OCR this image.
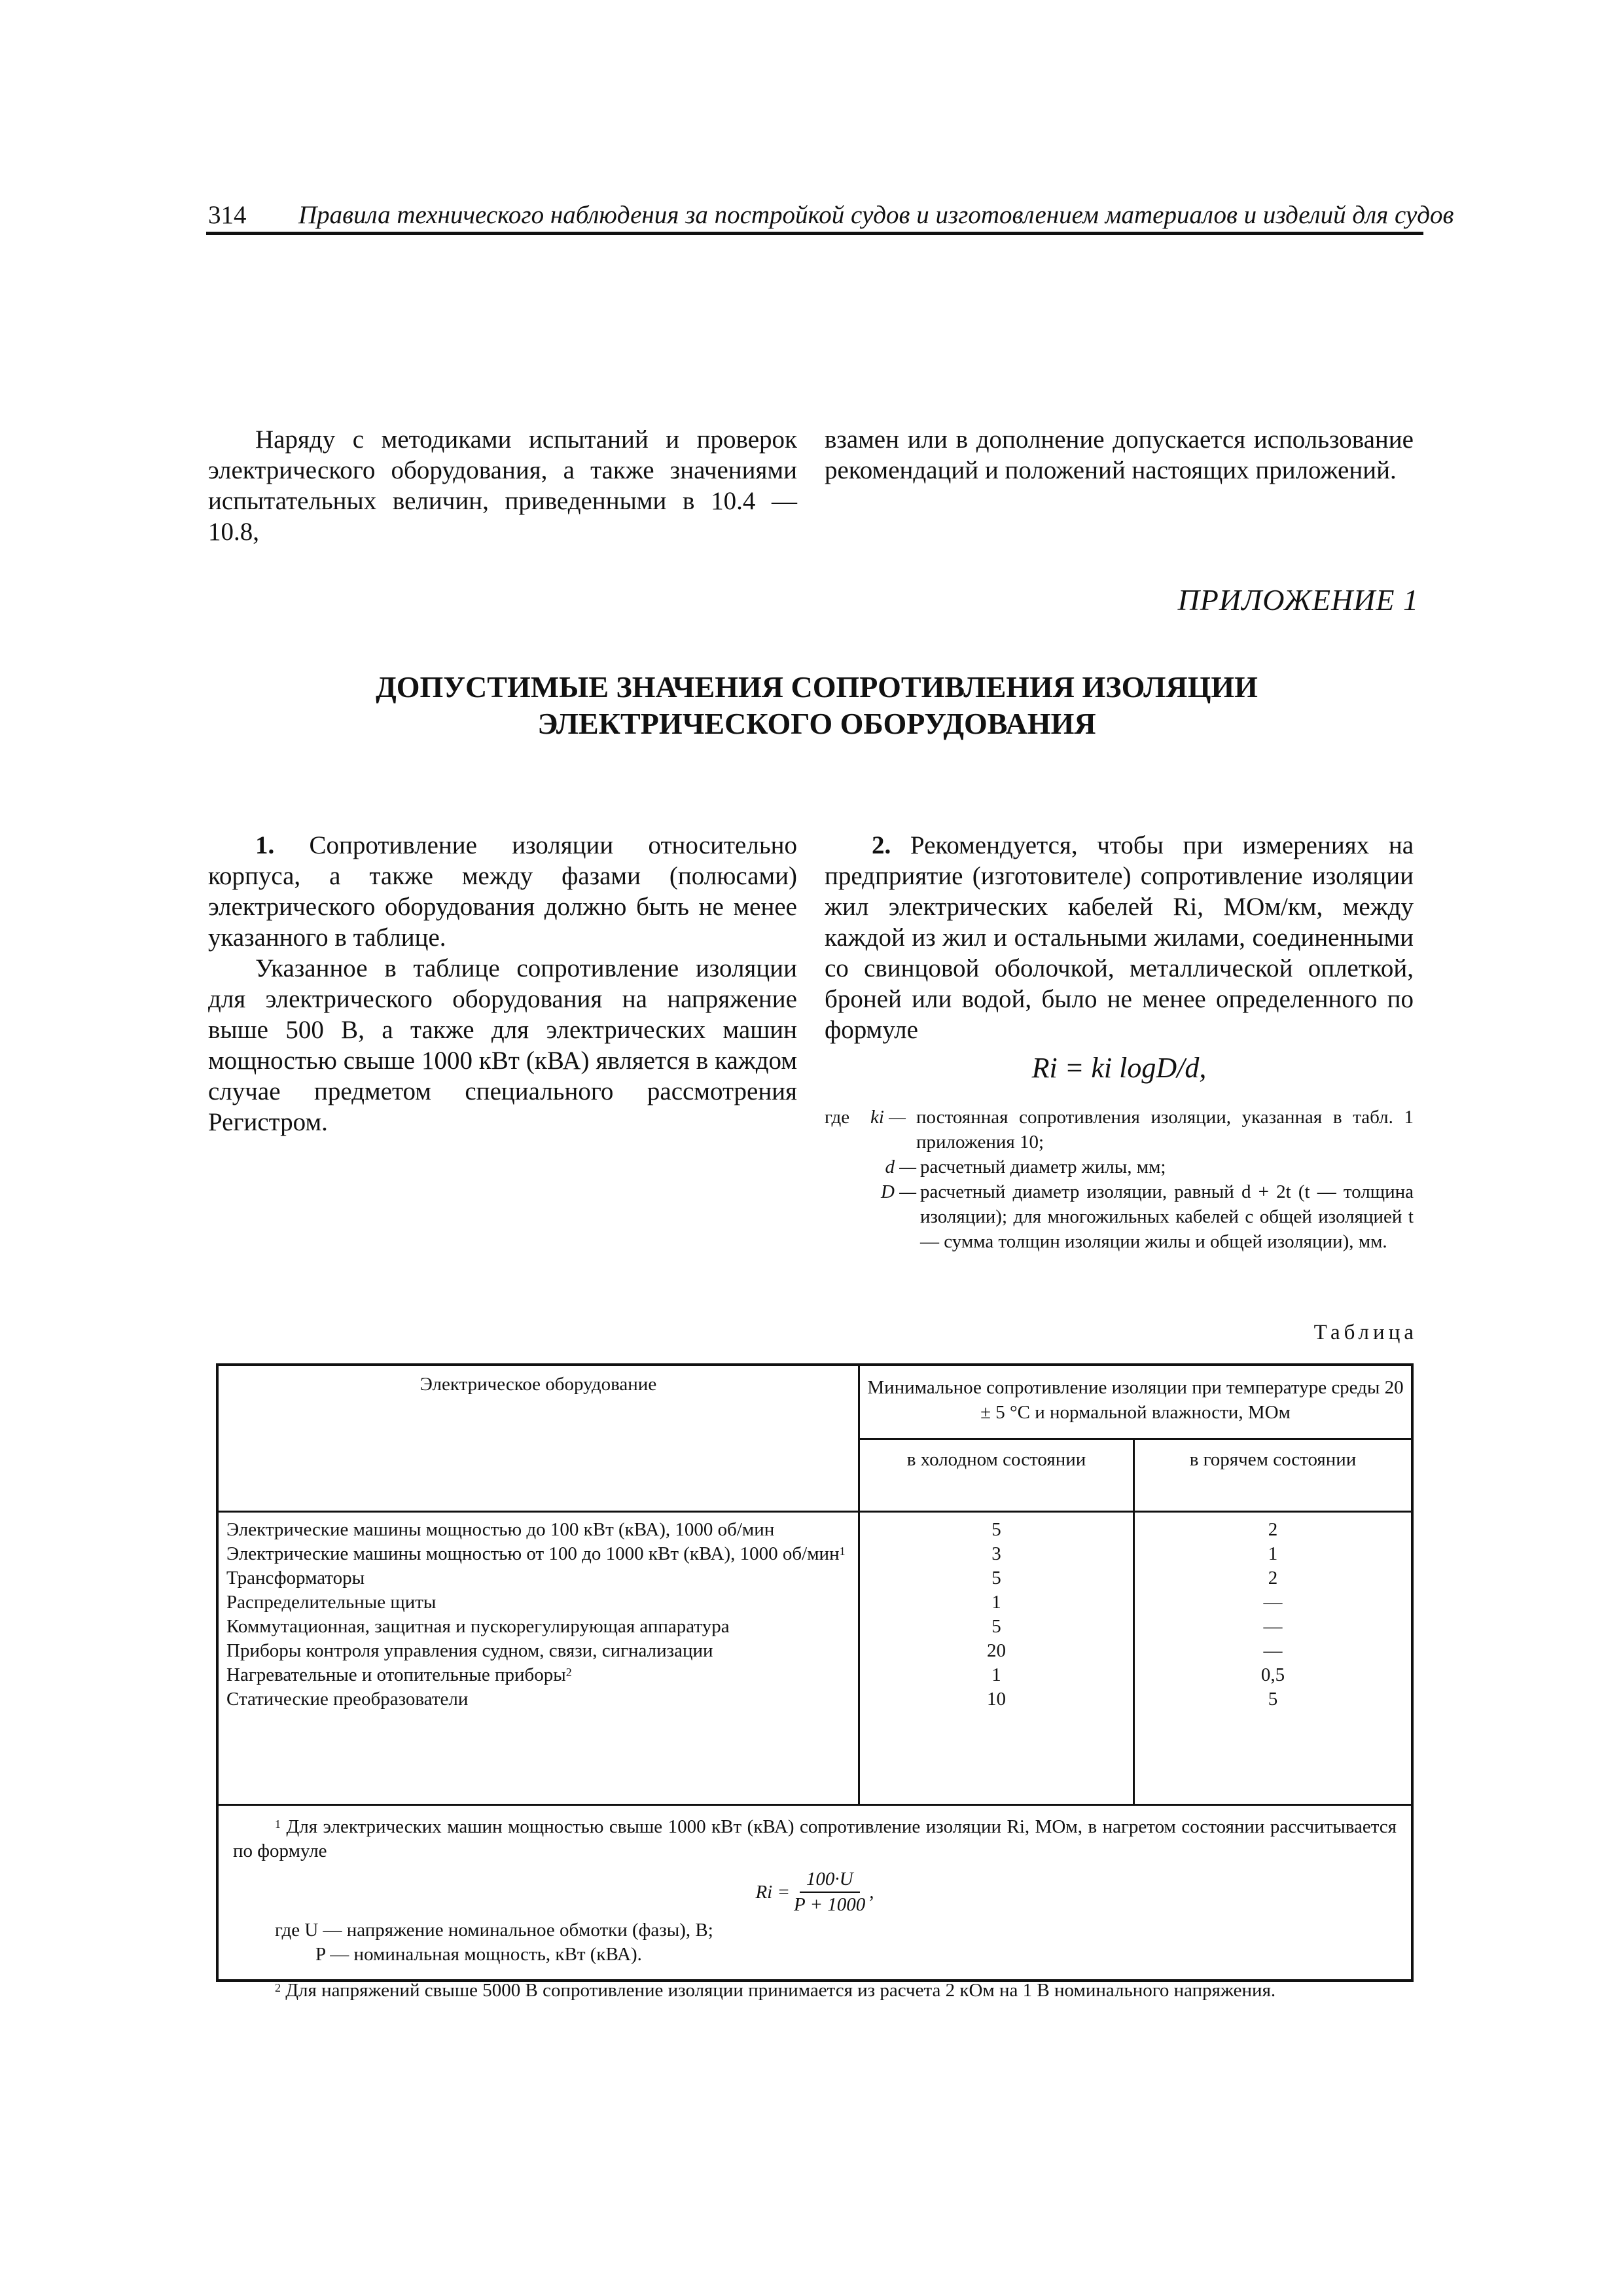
314 Правила технического наблюдения за постройкой судов и изготовлением материалов и изделий для судов

Наряду с методиками испытаний и проверок электрического оборудования, а также значениями испытательных величин, приведенными в 10.4 —10.8,

взамен или в дополнение допускается использование рекомендаций и положений настоящих приложений.

ПРИЛОЖЕНИЕ 1
ДОПУСТИМЫЕ ЗНАЧЕНИЯ СОПРОТИВЛЕНИЯ ИЗОЛЯЦИИ
ЭЛЕКТРИЧЕСКОГО ОБОРУДОВАНИЯ

1. Сопротивление изоляции относительно корпуса, а также между фазами (полюсами) электрического оборудования должно быть не менее указанного в таблице.

Указанное в таблице сопротивление изоляции для электрического оборудования на напряжение выше 500 В, а также для электрических машин мощностью свыше 1000 кВт (кВА) является в каждом случае предметом специального рассмотрения Регистром.

2. Рекомендуется, чтобы при измерениях на предприятие (изготовителе) сопротивление изоляции жил электрических кабелей Ri, МОм/км, между каждой из жил и остальными жилами, соединенными со свинцовой оболочкой, металлической оплеткой, броней или водой, было не менее определенного по формуле

Ri = ki logD/d,
где	ki — постоянная сопротивления изоляции, указанная в табл. 1 приложения 10;
d — расчетный диаметр жилы, мм;
D — расчетный диаметр изоляции, равный d + 2t (t — толщина изоляции); для многожильных кабелей с общей изоляцией t — сумма толщин изоляции жилы и общей изоляции), мм.
Таблица
Электрическое оборудование	Минимальное сопротивление изоляции при температуре среды 20 ± 5 °С и нормальной влажности, МОм
в холодном состоянии	в горячем состоянии
Электрические машины мощностью до 100 кВт (кВА), 1000 об/мин	5	2
Электрические машины мощностью от 100 до 1000 кВт (кВА), 1000 об/мин$^1$	3	1
Трансформаторы	5	2
Распределительные щиты	1	—
Коммутационная, защитная и пускорегулирующая аппаратура	5	—
Приборы контроля управления судном, связи, сигнализации	20	—
Нагревательные и отопительные приборы$^2$	1	0,5
Статические преобразователи	10	5

$^1$ Для электрических машин мощностью свыше 1000 кВт (кВА) сопротивление изоляции Ri, МОм, в нагретом состоянии рассчитывается по формуле

$Ri = \frac{100\cdot U}{P + 1000}$ ,
где U — напряжение номинальное обмотки (фазы), В;
P — номинальная мощность, кВт (кВА).

$^2$ Для напряжений свыше 5000 В сопротивление изоляции принимается из расчета 2 кОм на 1 В номинального напряжения.
